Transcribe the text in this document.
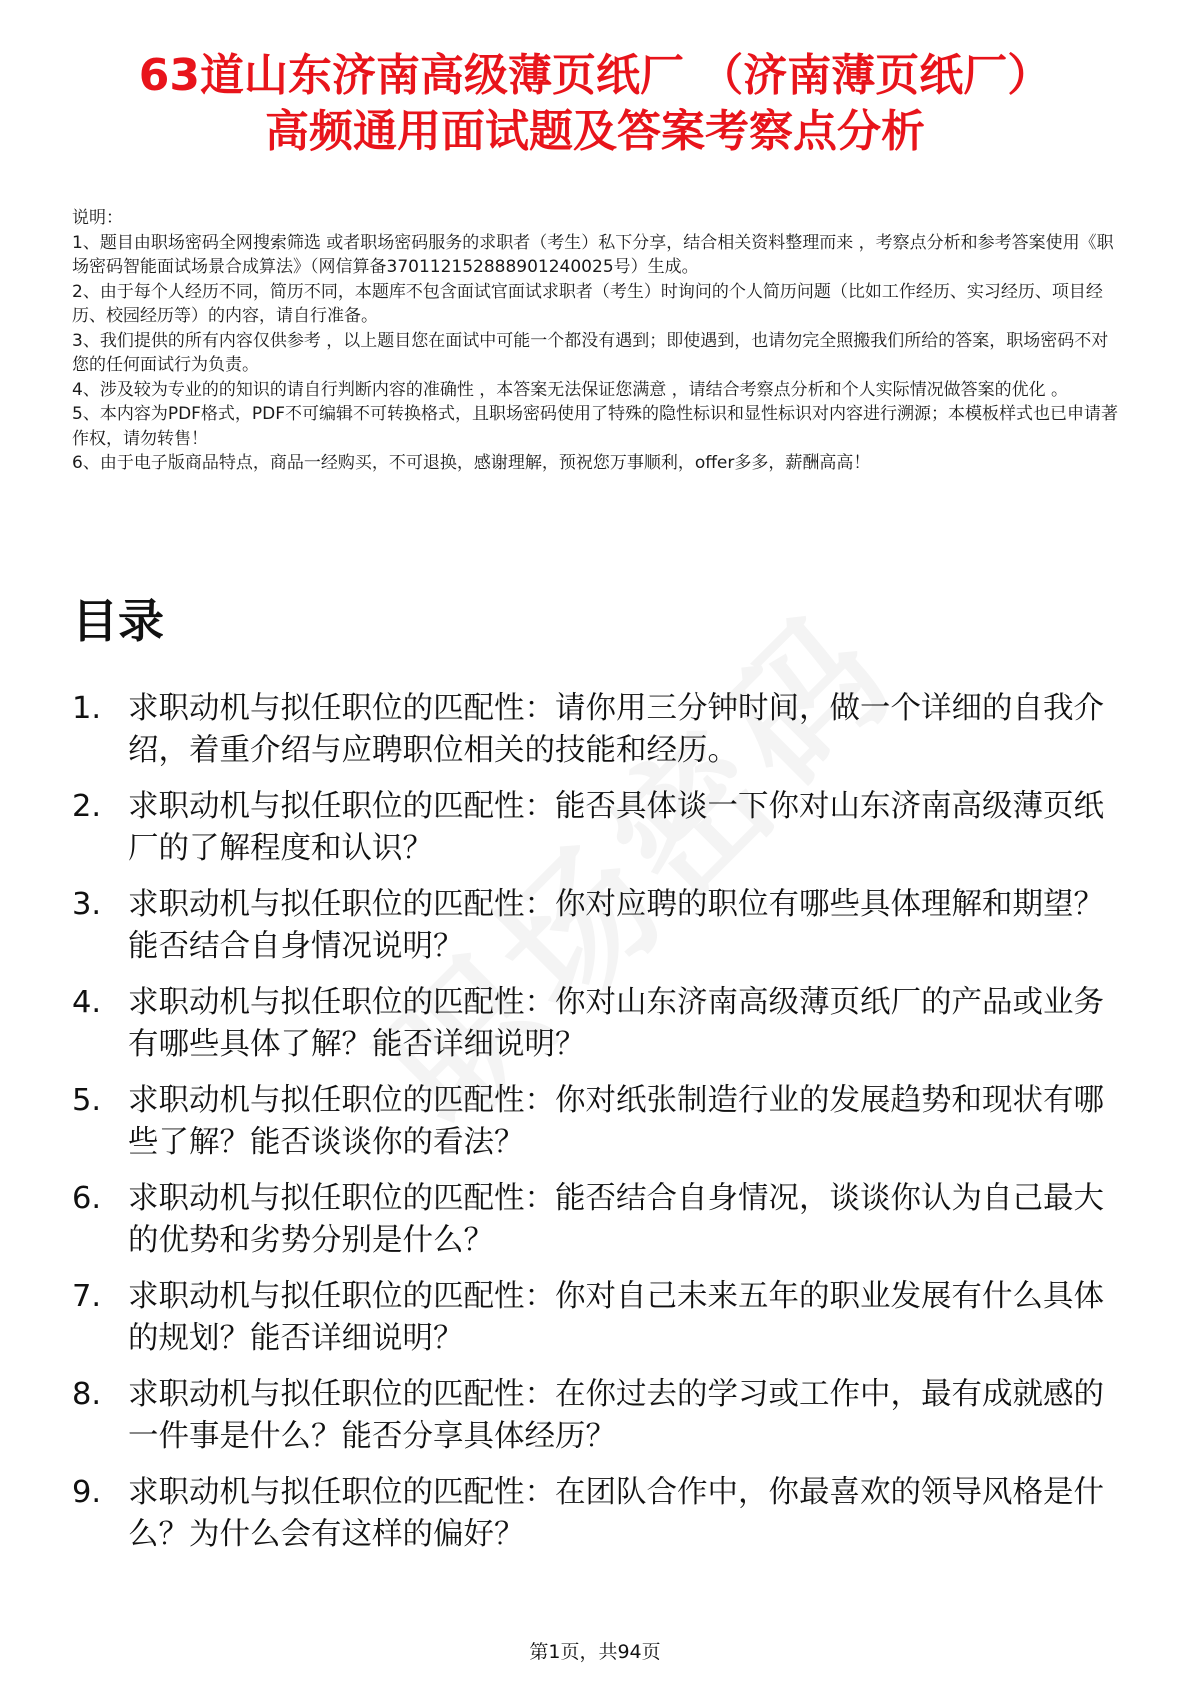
63道山东济南高级薄页纸厂 （济南薄页纸厂）
高频通用面试题及答案考察点分析

说明：

1、题目由职场密码全网搜索筛选 或者职场密码服务的求职者（考生）私下分享，结合相关资料整理而来 ，考察点分析和参考答案使用《职场密码智能面试场景合成算法》（网信算备370112152888901240025号）生成。

2、由于每个人经历不同，简历不同，本题库不包含面试官面试求职者（考生）时询问的个人简历问题（比如工作经历、实习经历、项目经历、校园经历等）的内容，请自行准备。

3、我们提供的所有内容仅供参考 ，以上题目您在面试中可能一个都没有遇到；即使遇到，也请勿完全照搬我们所给的答案，职场密码不对您的任何面试行为负责。

4、涉及较为专业的的知识的请自行判断内容的准确性 ，本答案无法保证您满意 ，请结合考察点分析和个人实际情况做答案的优化 。

5、本内容为PDF格式，PDF不可编辑不可转换格式，且职场密码使用了特殊的隐性标识和显性标识对内容进行溯源；本模板样式也已申请著作权，请勿转售！

6、由于电子版商品特点，商品一经购买，不可退换，感谢理解，预祝您万事顺利，offer多多，薪酬高高！

目录
1. 求职动机与拟任职位的匹配性：请你用三分钟时间，做一个详细的自我介绍，着重介绍与应聘职位相关的技能和经历。
2. 求职动机与拟任职位的匹配性：能否具体谈一下你对山东济南高级薄页纸厂的了解程度和认识？
3. 求职动机与拟任职位的匹配性：你对应聘的职位有哪些具体理解和期望？能否结合自身情况说明？
4. 求职动机与拟任职位的匹配性：你对山东济南高级薄页纸厂的产品或业务有哪些具体了解？能否详细说明？
5. 求职动机与拟任职位的匹配性：你对纸张制造行业的发展趋势和现状有哪些了解？能否谈谈你的看法？
6. 求职动机与拟任职位的匹配性：能否结合自身情况，谈谈你认为自己最大的优势和劣势分别是什么？
7. 求职动机与拟任职位的匹配性：你对自己未来五年的职业发展有什么具体的规划？能否详细说明？
8. 求职动机与拟任职位的匹配性：在你过去的学习或工作中，最有成就感的一件事是什么？能否分享具体经历？
9. 求职动机与拟任职位的匹配性：在团队合作中，你最喜欢的领导风格是什么？为什么会有这样的偏好？
第1页，共94页
